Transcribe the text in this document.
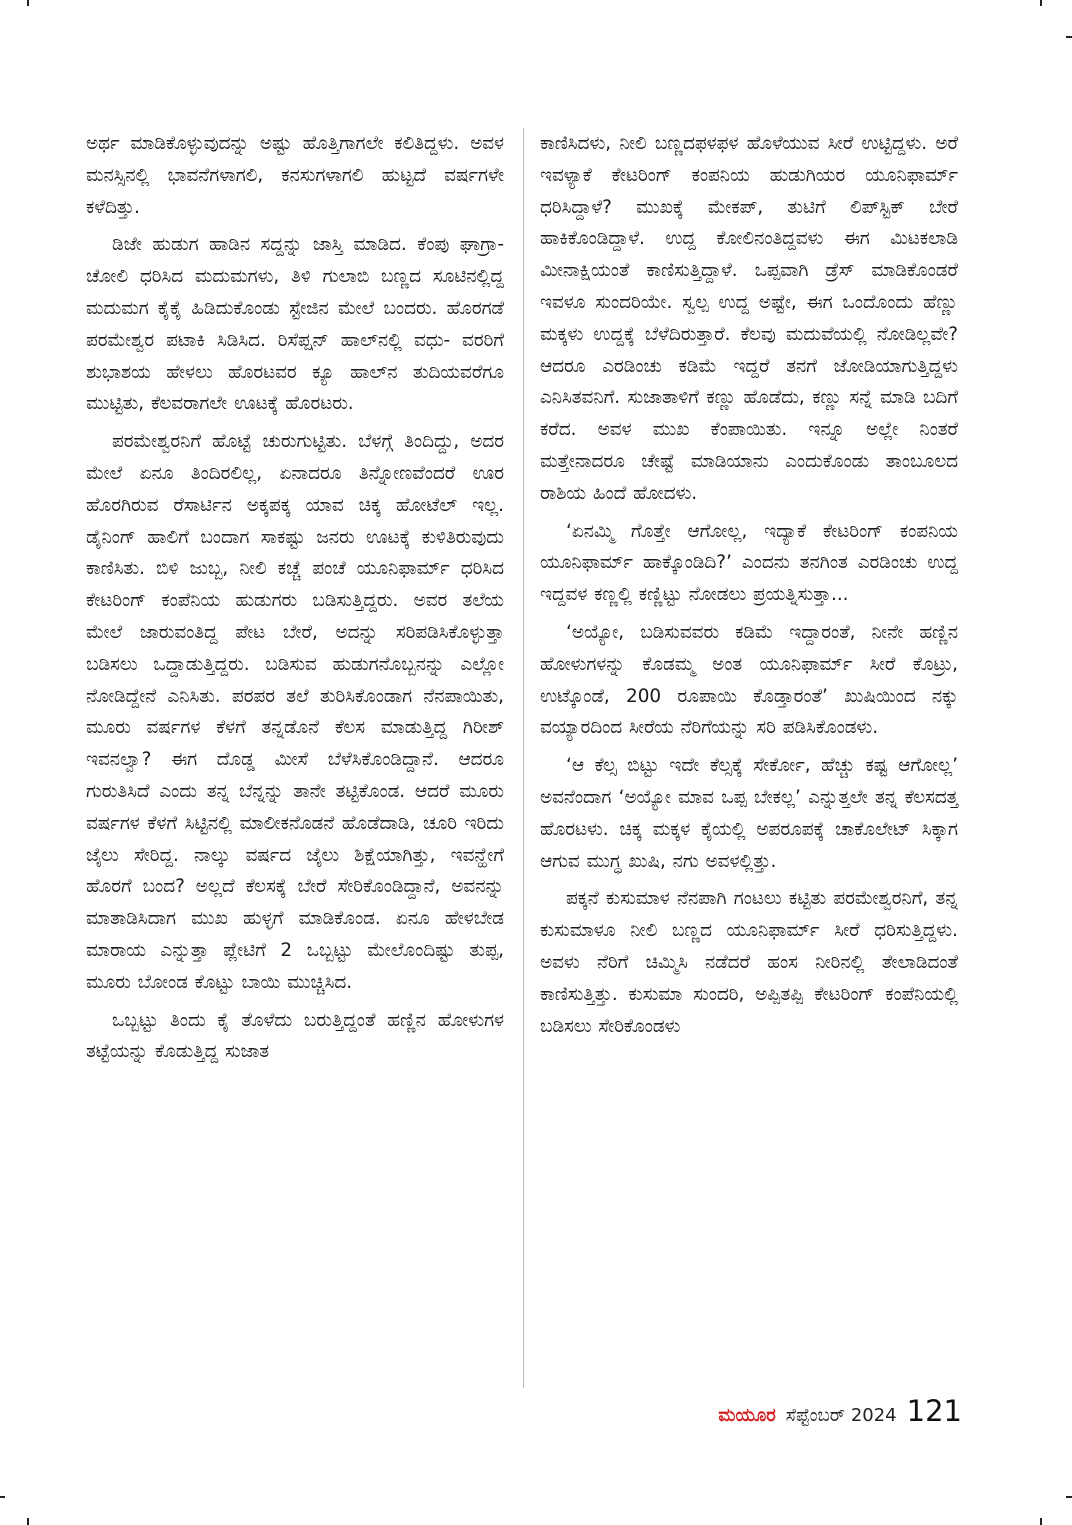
ಅರ್ಥ ಮಾಡಿಕೊಳ್ಳುವುದನ್ನು ಅಷ್ಟು ಹೊತ್ತಿಗಾಗಲೇ ಕಲಿತಿದ್ದಳು. ಅವಳ ಮನಸ್ಸಿನಲ್ಲಿ ಭಾವನೆಗಳಾಗಲಿ, ಕನಸುಗಳಾಗಲಿ ಹುಟ್ಟದೆ ವರ್ಷಗಳೇ ಕಳೆದಿತ್ತು.

ಡಿಜೇ ಹುಡುಗ ಹಾಡಿನ ಸದ್ದನ್ನು ಜಾಸ್ತಿ ಮಾಡಿದ. ಕೆಂಪು ಘಾಗ್ರಾ-ಚೋಲಿ ಧರಿಸಿದ ಮದುಮಗಳು, ತಿಳಿ ಗುಲಾಬಿ ಬಣ್ಣದ ಸೂಟಿನಲ್ಲಿದ್ದ ಮದುಮಗ ಕೈಕೈ ಹಿಡಿದುಕೊಂಡು ಸ್ಟೇಜಿನ ಮೇಲೆ ಬಂದರು. ಹೊರಗಡೆ ಪರಮೇಶ್ವರ ಪಟಾಕಿ ಸಿಡಿಸಿದ. ರಿಸೆಪ್ಷನ್ ಹಾಲ್‌ನಲ್ಲಿ ವಧು- ವರರಿಗೆ ಶುಭಾಶಯ ಹೇಳಲು ಹೊರಟವರ ಕ್ಯೂ ಹಾಲ್‌ನ ತುದಿಯವರೆಗೂ ಮುಟ್ಟಿತು, ಕೆಲವರಾಗಲೇ ಊಟಕ್ಕೆ ಹೊರಟರು.

ಪರಮೇಶ್ವರನಿಗೆ ಹೊಟ್ಟೆ ಚುರುಗುಟ್ಟಿತು. ಬೆಳಗ್ಗೆ ತಿಂದಿದ್ದು, ಅದರ ಮೇಲೆ ಏನೂ ತಿಂದಿರಲಿಲ್ಲ, ಏನಾದರೂ ತಿನ್ನೋಣವೆಂದರೆ ಊರ ಹೊರಗಿರುವ ರೆಸಾರ್ಟಿನ ಅಕ್ಕಪಕ್ಕ ಯಾವ ಚಿಕ್ಕ ಹೋಟೆಲ್ ಇಲ್ಲ. ಡೈನಿಂಗ್ ಹಾಲಿಗೆ ಬಂದಾಗ ಸಾಕಷ್ಟು ಜನರು ಊಟಕ್ಕೆ ಕುಳಿತಿರುವುದು ಕಾಣಿಸಿತು. ಬಿಳಿ ಜುಬ್ಬ, ನೀಲಿ ಕಚ್ಚೆ ಪಂಚೆ ಯೂನಿಫಾರ್ಮ್ ಧರಿಸಿದ ಕೇಟರಿಂಗ್ ಕಂಪೆನಿಯ ಹುಡುಗರು ಬಡಿಸುತ್ತಿದ್ದರು. ಅವರ ತಲೆಯ ಮೇಲೆ ಜಾರುವಂತಿದ್ದ ಪೇಟ ಬೇರೆ, ಅದನ್ನು ಸರಿಪಡಿಸಿಕೊಳ್ಳುತ್ತಾ ಬಡಿಸಲು ಒದ್ದಾಡುತ್ತಿದ್ದರು. ಬಡಿಸುವ ಹುಡುಗನೊಬ್ಬನನ್ನು ಎಲ್ಲೋ ನೋಡಿದ್ದೇನೆ ಎನಿಸಿತು. ಪರಪರ ತಲೆ ತುರಿಸಿಕೊಂಡಾಗ ನೆನಪಾಯಿತು, ಮೂರು ವರ್ಷಗಳ ಕೆಳಗೆ ತನ್ನಡೊನೆ ಕೆಲಸ ಮಾಡುತ್ತಿದ್ದ ಗಿರೀಶ್ ಇವನಲ್ವಾ? ಈಗ ದೊಡ್ಡ ಮೀಸೆ ಬೆಳೆಸಿಕೊಂಡಿದ್ದಾನೆ. ಆದರೂ ಗುರುತಿಸಿದೆ ಎಂದು ತನ್ನ ಬೆನ್ನನ್ನು ತಾನೇ ತಟ್ಟಿಕೊಂಡ. ಆದರೆ ಮೂರು ವರ್ಷಗಳ ಕೆಳಗೆ ಸಿಟ್ಟಿನಲ್ಲಿ ಮಾಲೀಕನೊಡನೆ ಹೊಡೆದಾಡಿ, ಚೂರಿ ಇರಿದು ಜೈಲು ಸೇರಿದ್ದ. ನಾಲ್ಕು ವರ್ಷದ ಜೈಲು ಶಿಕ್ಷೆಯಾಗಿತ್ತು, ಇವನ್ಹೇಗೆ ಹೊರಗೆ ಬಂದ? ಅಲ್ಲದೆ ಕೆಲಸಕ್ಕೆ ಬೇರೆ ಸೇರಿಕೊಂಡಿದ್ದಾನೆ, ಅವನನ್ನು ಮಾತಾಡಿಸಿದಾಗ ಮುಖ ಹುಳ್ಳಗೆ ಮಾಡಿಕೊಂಡ. ಏನೂ ಹೇಳಬೇಡ ಮಾರಾಯ ಎನ್ನುತ್ತಾ ಪ್ಲೇಟಿಗೆ 2 ಒಬ್ಬಟ್ಟು ಮೇಲೊಂದಿಷ್ಟು ತುಪ್ಪ, ಮೂರು ಬೋಂಡ ಕೊಟ್ಟು ಬಾಯಿ ಮುಚ್ಚಿಸಿದ.

ಒಬ್ಬಟ್ಟು ತಿಂದು ಕೈ ತೊಳೆದು ಬರುತ್ತಿದ್ದಂತೆ ಹಣ್ಣಿನ ಹೋಳುಗಳ ತಟ್ಟೆಯನ್ನು ಕೊಡುತ್ತಿದ್ದ ಸುಜಾತ

ಕಾಣಿಸಿದಳು, ನೀಲಿ ಬಣ್ಣದಫಳಫಳ ಹೊಳೆಯುವ ಸೀರೆ ಉಟ್ಟಿದ್ದಳು. ಅರೆ ಇವಳ್ಯಾಕೆ ಕೇಟರಿಂಗ್ ಕಂಪನಿಯ ಹುಡುಗಿಯರ ಯೂನಿಫಾರ್ಮ್ ಧರಿಸಿದ್ದಾಳೆ? ಮುಖಕ್ಕೆ ಮೇಕಪ್, ತುಟಿಗೆ ಲಿಪ್‌ಸ್ಟಿಕ್ ಬೇರೆ ಹಾಕಿಕೊಂಡಿದ್ದಾಳೆ. ಉದ್ದ ಕೋಲಿನಂತಿದ್ದವಳು ಈಗ ಮಿಟಕಲಾಡಿ ಮೀನಾಕ್ಷಿಯಂತೆ ಕಾಣಿಸುತ್ತಿದ್ದಾಳೆ. ಒಪ್ಪವಾಗಿ ಡ್ರೆಸ್ ಮಾಡಿಕೊಂಡರೆ ಇವಳೂ ಸುಂದರಿಯೇ. ಸ್ವಲ್ಪ ಉದ್ದ ಅಷ್ಟೇ, ಈಗ ಒಂದೊಂದು ಹೆಣ್ಣು ಮಕ್ಕಳು ಉದ್ದಕ್ಕೆ ಬೆಳೆದಿರುತ್ತಾರೆ. ಕೆಲವು ಮದುವೆಯಲ್ಲಿ ನೋಡಿಲ್ಲವೇ? ಆದರೂ ಎರಡಿಂಚು ಕಡಿಮೆ ಇದ್ದರೆ ತನಗೆ ಜೋಡಿಯಾಗುತ್ತಿದ್ದಳು ಎನಿಸಿತವನಿಗೆ. ಸುಜಾತಾಳಿಗೆ ಕಣ್ಣು ಹೊಡೆದು, ಕಣ್ಣು ಸನ್ನೆ ಮಾಡಿ ಬದಿಗೆ ಕರೆದ. ಅವಳ ಮುಖ ಕೆಂಪಾಯಿತು. ಇನ್ನೂ ಅಲ್ಲೇ ನಿಂತರೆ ಮತ್ತೇನಾದರೂ ಚೇಷ್ಟೆ ಮಾಡಿಯಾನು ಎಂದುಕೊಂಡು ತಾಂಬೂಲದ ರಾಶಿಯ ಹಿಂದೆ ಹೋದಳು.

‘ಏನಮ್ಮಿ ಗೊತ್ತೇ ಆಗೋಲ್ಲ, ಇದ್ಯಾಕೆ ಕೇಟರಿಂಗ್ ಕಂಪನಿಯ ಯೂನಿಫಾರ್ಮ್ ಹಾಕ್ಕೊಂಡಿದಿ?’ ಎಂದನು ತನಗಿಂತ ಎರಡಿಂಚು ಉದ್ದ ಇದ್ದವಳ ಕಣ್ಣಲ್ಲಿ ಕಣ್ಣಿಟ್ಟು ನೋಡಲು ಪ್ರಯತ್ನಿಸುತ್ತಾ...

‘ಅಯ್ಯೋ, ಬಡಿಸುವವರು ಕಡಿಮೆ ಇದ್ದಾರಂತೆ, ನೀನೇ ಹಣ್ಣಿನ ಹೋಳುಗಳನ್ನು ಕೊಡಮ್ಮ ಅಂತ ಯೂನಿಫಾರ್ಮ್ ಸೀರೆ ಕೊಟ್ರು, ಉಟ್ಕೊಂಡೆ, 200 ರೂಪಾಯಿ ಕೊಡ್ತಾರಂತೆ’ ಖುಷಿಯಿಂದ ನಕ್ಕು ವಯ್ಯಾರದಿಂದ ಸೀರೆಯ ನೆರಿಗೆಯನ್ನು ಸರಿ ಪಡಿಸಿಕೊಂಡಳು.

‘ಆ ಕೆಲ್ಸ ಬಿಟ್ಟು ಇದೇ ಕೆಲ್ಸಕ್ಕೆ ಸೇರ್ಕೋ, ಹೆಚ್ಚು ಕಷ್ಟ ಆಗೋಲ್ಲ’ ಅವನೆಂದಾಗ ‘ಅಯ್ಯೋ ಮಾವ ಒಪ್ಪ ಬೇಕಲ್ಲ’ ಎನ್ನುತ್ತಲೇ ತನ್ನ ಕೆಲಸದತ್ತ ಹೊರಟಳು. ಚಿಕ್ಕ ಮಕ್ಕಳ ಕೈಯಲ್ಲಿ ಅಪರೂಪಕ್ಕೆ ಚಾಕೊಲೇಟ್ ಸಿಕ್ಕಾಗ ಆಗುವ ಮುಗ್ಧ ಖುಷಿ, ನಗು ಅವಳಲ್ಲಿತ್ತು.

ಪಕ್ಕನೆ ಕುಸುಮಾಳ ನೆನಪಾಗಿ ಗಂಟಲು ಕಟ್ಟಿತು ಪರಮೇಶ್ವರನಿಗೆ, ತನ್ನ ಕುಸುಮಾಳೂ ನೀಲಿ ಬಣ್ಣದ ಯೂನಿಫಾರ್ಮ್ ಸೀರೆ ಧರಿಸುತ್ತಿದ್ದಳು. ಅವಳು ನೆರಿಗೆ ಚಿಮ್ಮಿಸಿ ನಡೆದರೆ ಹಂಸ ನೀರಿನಲ್ಲಿ ತೇಲಾಡಿದಂತೆ ಕಾಣಿಸುತ್ತಿತ್ತು. ಕುಸುಮಾ ಸುಂದರಿ, ಅಪ್ಪಿತಪ್ಪಿ ಕೇಟರಿಂಗ್ ಕಂಪೆನಿಯಲ್ಲಿ ಬಡಿಸಲು ಸೇರಿಕೊಂಡಳು

ಮಯೂರ ಸೆಪ್ಟೆಂಬರ್ 2024 121
